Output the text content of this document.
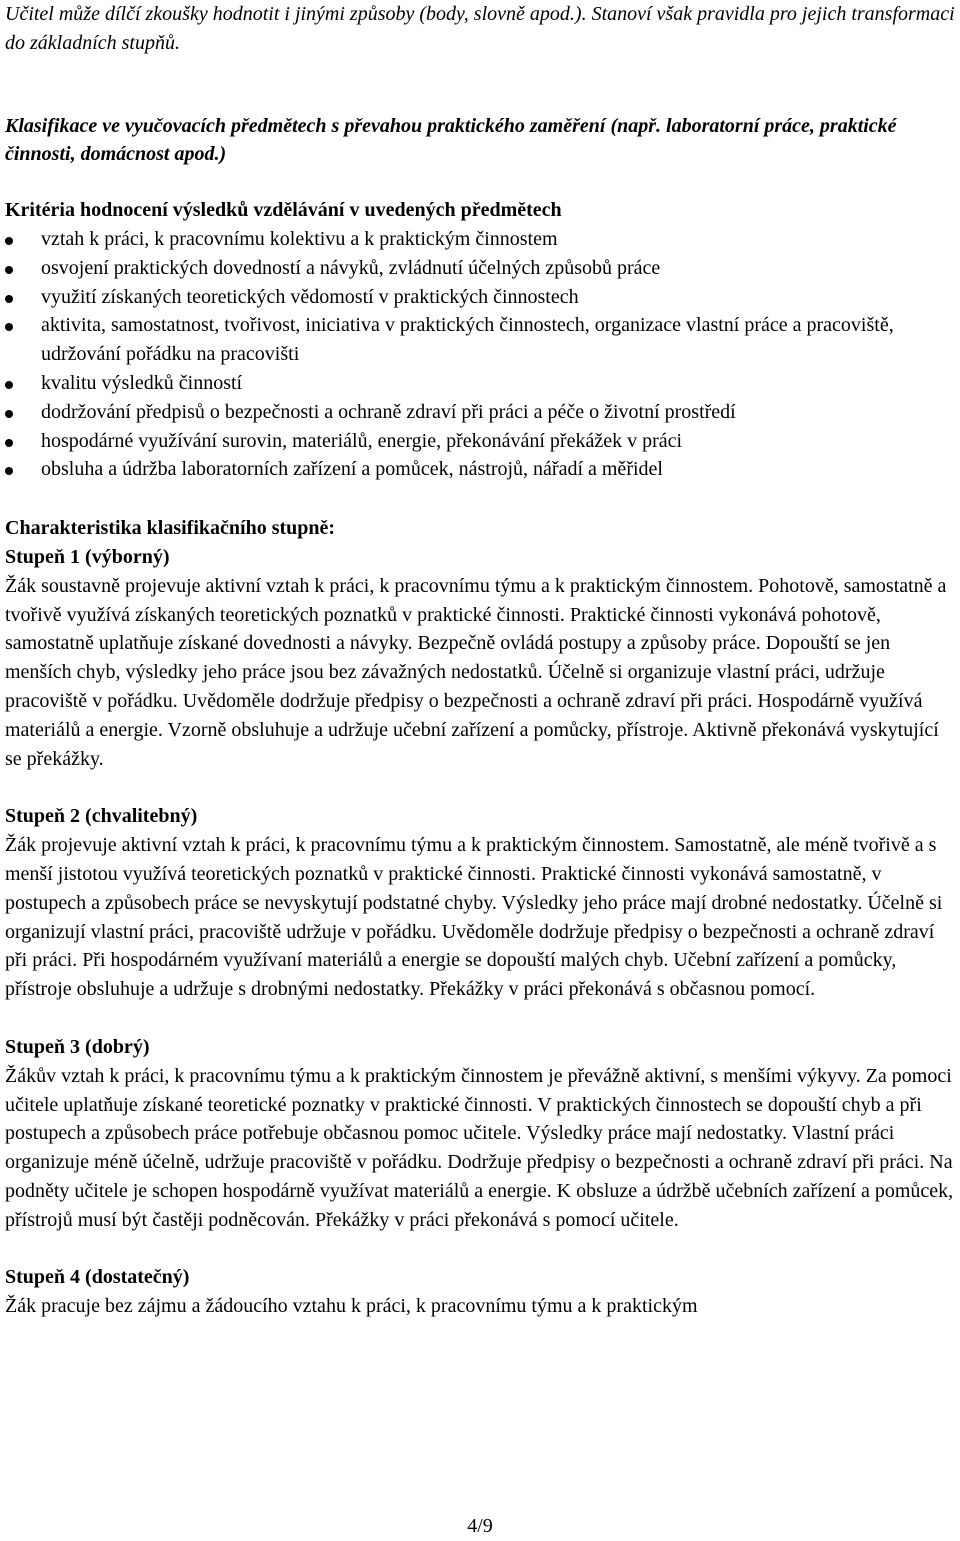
Učitel může dílčí zkoušky hodnotit i jinými způsoby (body, slovně apod.). Stanoví však pravidla pro jejich transformaci do základních stupňů.

Klasifikace ve vyučovacích předmětech s převahou praktického zaměření (např. laboratorní práce, praktické činnosti, domácnost apod.)

Kritéria hodnocení výsledků vzdělávání v uvedených předmětech

vztah k práci, k pracovnímu kolektivu a k praktickým činnostem
osvojení praktických dovedností a návyků, zvládnutí účelných způsobů práce
využití získaných teoretických vědomostí v praktických činnostech
aktivita, samostatnost, tvořivost, iniciativa v praktických činnostech, organizace vlastní práce a pracoviště, udržování pořádku na pracovišti
kvalitu výsledků činností
dodržování předpisů o bezpečnosti a ochraně zdraví při práci a péče o životní prostředí
hospodárné využívání surovin, materiálů, energie, překonávání překážek v práci
obsluha a údržba laboratorních zařízení a pomůcek, nástrojů, nářadí a měřidel

Charakteristika klasifikačního stupně:

Stupeň 1 (výborný)

Žák soustavně projevuje aktivní vztah k práci, k pracovnímu týmu a k praktickým činnostem. Pohotově, samostatně a tvořivě využívá získaných teoretických poznatků v praktické činnosti. Praktické činnosti vykonává pohotově, samostatně uplatňuje získané dovednosti a návyky. Bezpečně ovládá postupy a způsoby práce. Dopouští se jen menších chyb, výsledky jeho práce jsou bez závažných nedostatků. Účelně si organizuje vlastní práci, udržuje pracoviště v pořádku. Uvědoměle dodržuje předpisy o bezpečnosti a ochraně zdraví při práci. Hospodárně využívá materiálů a energie. Vzorně obsluhuje a udržuje učební zařízení a pomůcky, přístroje. Aktivně překonává vyskytující se překážky.

Stupeň 2 (chvalitebný)

Žák projevuje aktivní vztah k práci, k pracovnímu týmu a k praktickým činnostem. Samostatně, ale méně tvořivě a s menší jistotou využívá teoretických poznatků v praktické činnosti. Praktické činnosti vykonává samostatně, v postupech a způsobech práce se nevyskytují podstatné chyby. Výsledky jeho práce mají drobné nedostatky. Účelně si organizují vlastní práci, pracoviště udržuje v pořádku. Uvědoměle dodržuje předpisy o bezpečnosti a ochraně zdraví při práci. Při hospodárném využívaní materiálů a energie se dopouští malých chyb. Učební zařízení a pomůcky, přístroje obsluhuje a udržuje s drobnými nedostatky. Překážky v práci překonává s občasnou pomocí.

Stupeň 3 (dobrý)

Žákův vztah k práci, k pracovnímu týmu a k praktickým činnostem je převážně aktivní, s menšími výkyvy. Za pomoci učitele uplatňuje získané teoretické poznatky v praktické činnosti. V praktických činnostech se dopouští chyb a při postupech a způsobech práce potřebuje občasnou pomoc učitele. Výsledky práce mají nedostatky. Vlastní práci organizuje méně účelně, udržuje pracoviště v pořádku. Dodržuje předpisy o bezpečnosti a ochraně zdraví při práci. Na podněty učitele je schopen hospodárně využívat materiálů a energie. K obsluze a údržbě učebních zařízení a pomůcek, přístrojů musí být častěji podněcován. Překážky v práci překonává s pomocí učitele.

Stupeň 4 (dostatečný)

Žák pracuje bez zájmu a žádoucího vztahu k práci, k pracovnímu týmu a k praktickým

4/9
